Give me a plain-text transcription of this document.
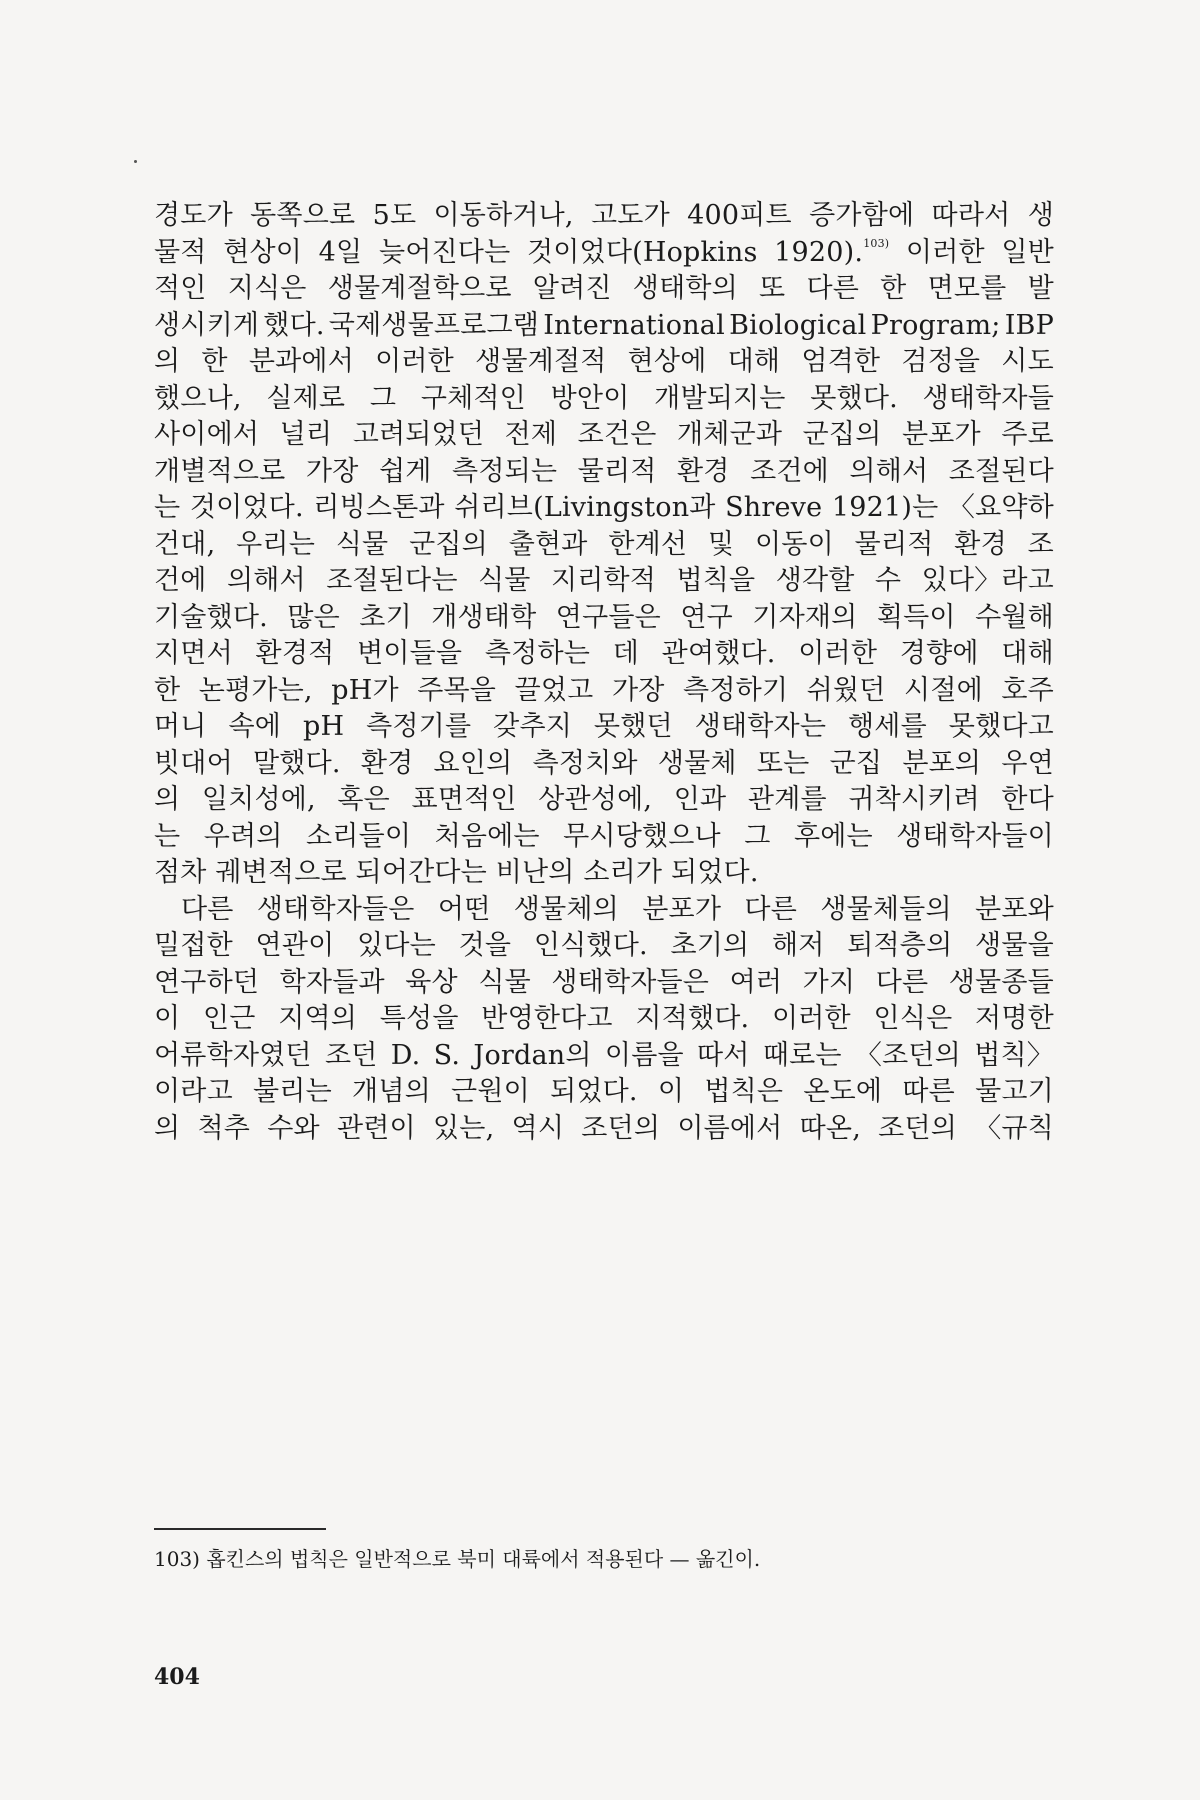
경도가 동쪽으로 5도 이동하거나, 고도가 400피트 증가함에 따라서 생
물적 현상이 4일 늦어진다는 것이었다(Hopkins 1920).$^{103)}$ 이러한 일반
적인 지식은 생물계절학으로 알려진 생태학의 또 다른 한 면모를 발
생시키게 했다. 국제생물프로그램 International Biological Program; IBP
의 한 분과에서 이러한 생물계절적 현상에 대해 엄격한 검정을 시도
했으나, 실제로 그 구체적인 방안이 개발되지는 못했다. 생태학자들
사이에서 널리 고려되었던 전제 조건은 개체군과 군집의 분포가 주로
개별적으로 가장 쉽게 측정되는 물리적 환경 조건에 의해서 조절된다
는 것이었다. 리빙스톤과 쉬리브(Livingston과 Shreve 1921)는 〈요약하
건대, 우리는 식물 군집의 출현과 한계선 및 이동이 물리적 환경 조
건에 의해서 조절된다는 식물 지리학적 법칙을 생각할 수 있다〉라고
기술했다. 많은 초기 개생태학 연구들은 연구 기자재의 획득이 수월해
지면서 환경적 변이들을 측정하는 데 관여했다. 이러한 경향에 대해
한 논평가는, pH가 주목을 끌었고 가장 측정하기 쉬웠던 시절에 호주
머니 속에 pH 측정기를 갖추지 못했던 생태학자는 행세를 못했다고
빗대어 말했다. 환경 요인의 측정치와 생물체 또는 군집 분포의 우연
의 일치성에, 혹은 표면적인 상관성에, 인과 관계를 귀착시키려 한다
는 우려의 소리들이 처음에는 무시당했으나 그 후에는 생태학자들이
점차 궤변적으로 되어간다는 비난의 소리가 되었다.
다른 생태학자들은 어떤 생물체의 분포가 다른 생물체들의 분포와
밀접한 연관이 있다는 것을 인식했다. 초기의 해저 퇴적층의 생물을
연구하던 학자들과 육상 식물 생태학자들은 여러 가지 다른 생물종들
이 인근 지역의 특성을 반영한다고 지적했다. 이러한 인식은 저명한
어류학자였던 조던 D. S. Jordan의 이름을 따서 때로는 〈조던의 법칙〉
이라고 불리는 개념의 근원이 되었다. 이 법칙은 온도에 따른 물고기
의 척추 수와 관련이 있는, 역시 조던의 이름에서 따온, 조던의 〈규칙
103) 홉킨스의 법칙은 일반적으로 북미 대륙에서 적용된다 — 옮긴이.
404
